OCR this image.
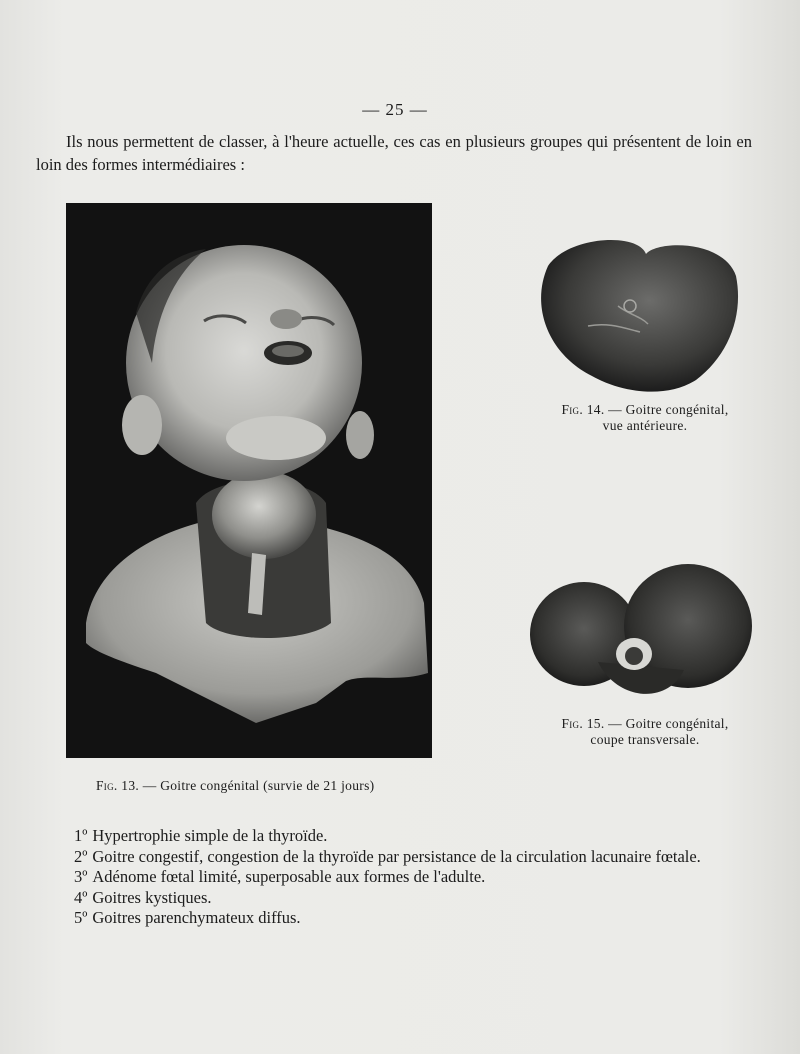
— 25 —

Ils nous permettent de classer, à l'heure actuelle, ces cas en plusieurs groupes qui présentent de loin en loin des formes intermédiaires :

Fig. 14. — Goitre congénital,
vue antérieure.
Fig. 15. — Goitre congénital,
coupe transversale.
Fig. 13. — Goitre congénital (survie de 21 jours)
1º Hypertrophie simple de la thyroïde.
2º Goitre congestif, congestion de la thyroïde par persistance de la circulation lacunaire fœtale.
3º Adénome fœtal limité, superposable aux formes de l'adulte.
4º Goitres kystiques.
5º Goitres parenchymateux diffus.
